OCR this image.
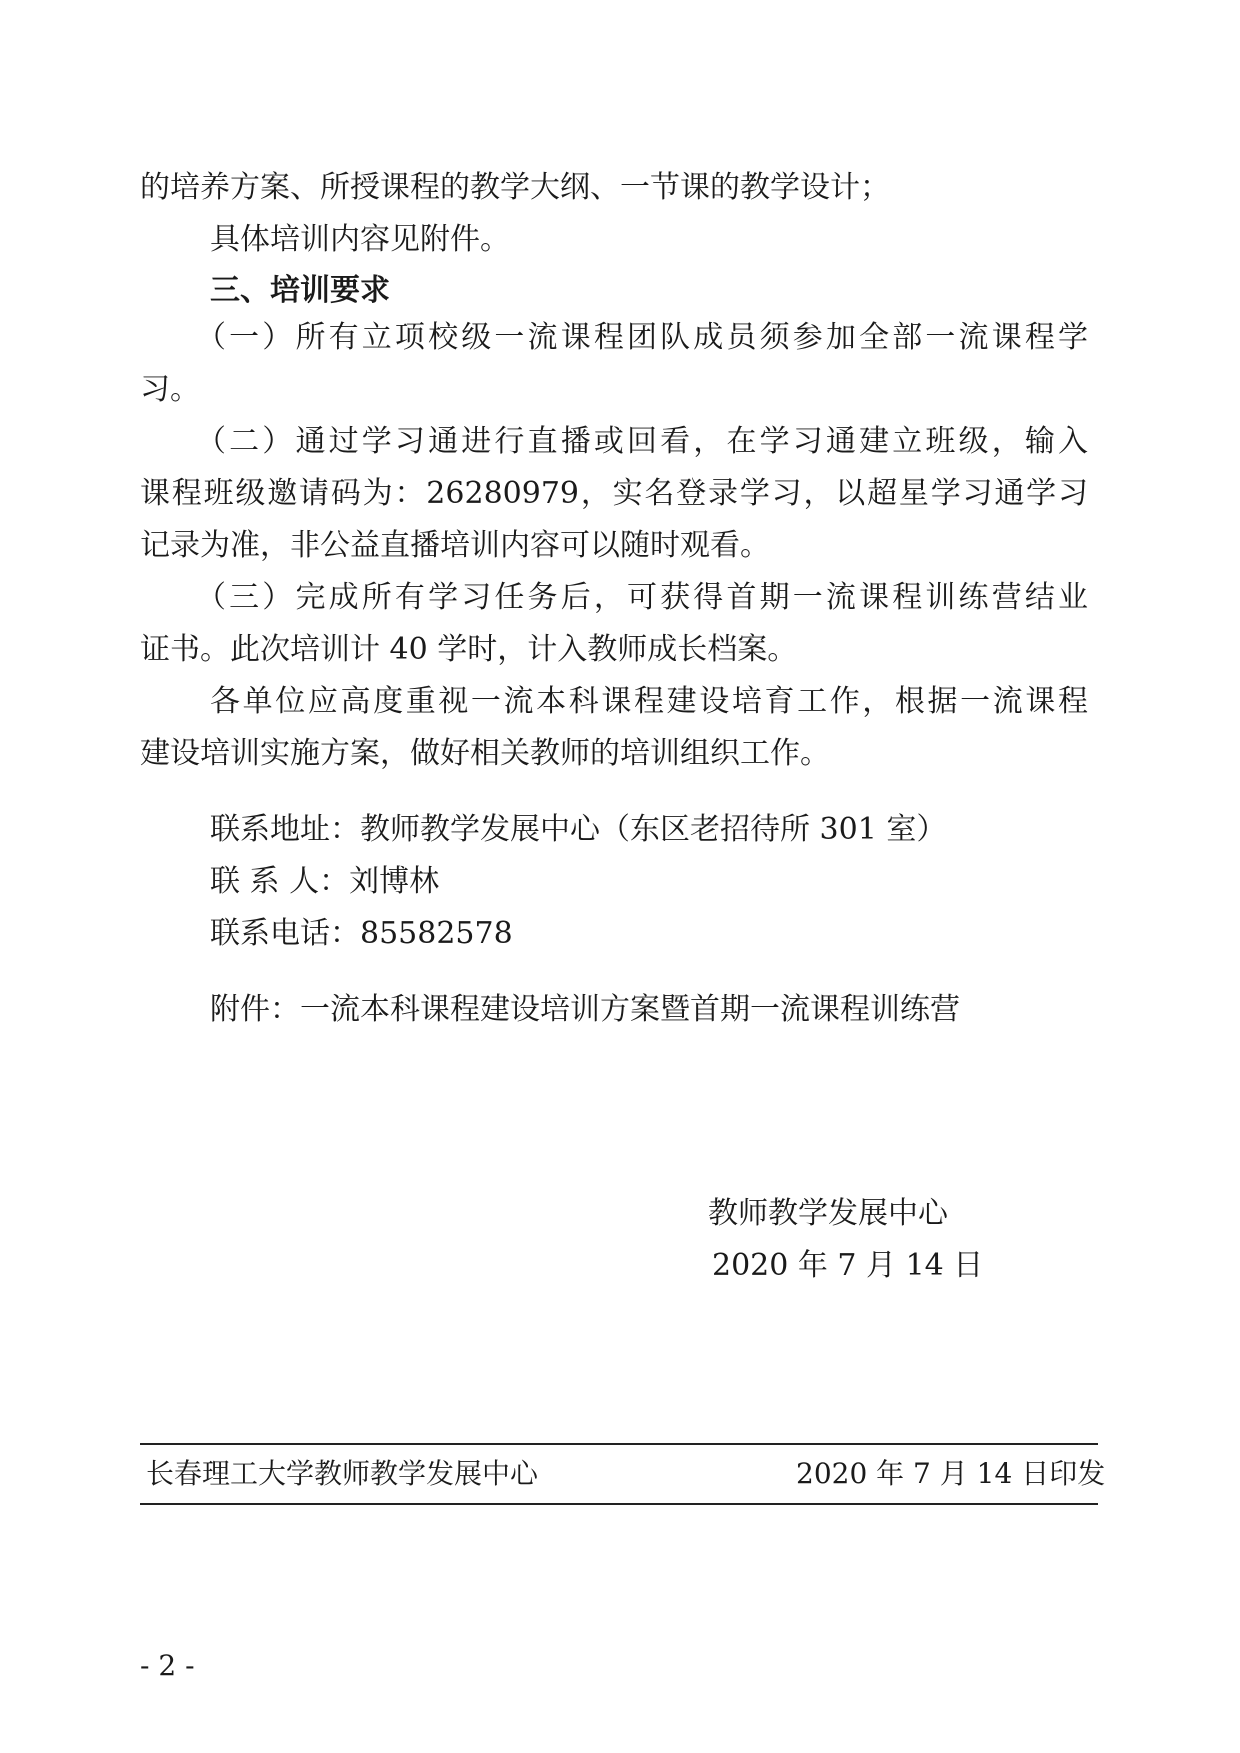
的培养方案、所授课程的教学大纲、一节课的教学设计；
具体培训内容见附件。
三、培训要求
（一）所有立项校级一流课程团队成员须参加全部一流课程学
习。
（二）通过学习通进行直播或回看，在学习通建立班级，输入
课程班级邀请码为：26280979，实名登录学习，以超星学习通学习
记录为准，非公益直播培训内容可以随时观看。
（三）完成所有学习任务后，可获得首期一流课程训练营结业
证书。此次培训计 40 学时，计入教师成长档案。
各单位应高度重视一流本科课程建设培育工作，根据一流课程
建设培训实施方案，做好相关教师的培训组织工作。
联系地址：教师教学发展中心（东区老招待所 301 室）
联 系 人：刘博林
联系电话：85582578
附件：一流本科课程建设培训方案暨首期一流课程训练营
教师教学发展中心
2020 年 7 月 14 日
长春理工大学教师教学发展中心	2020 年 7 月 14 日印发
- 2 -
